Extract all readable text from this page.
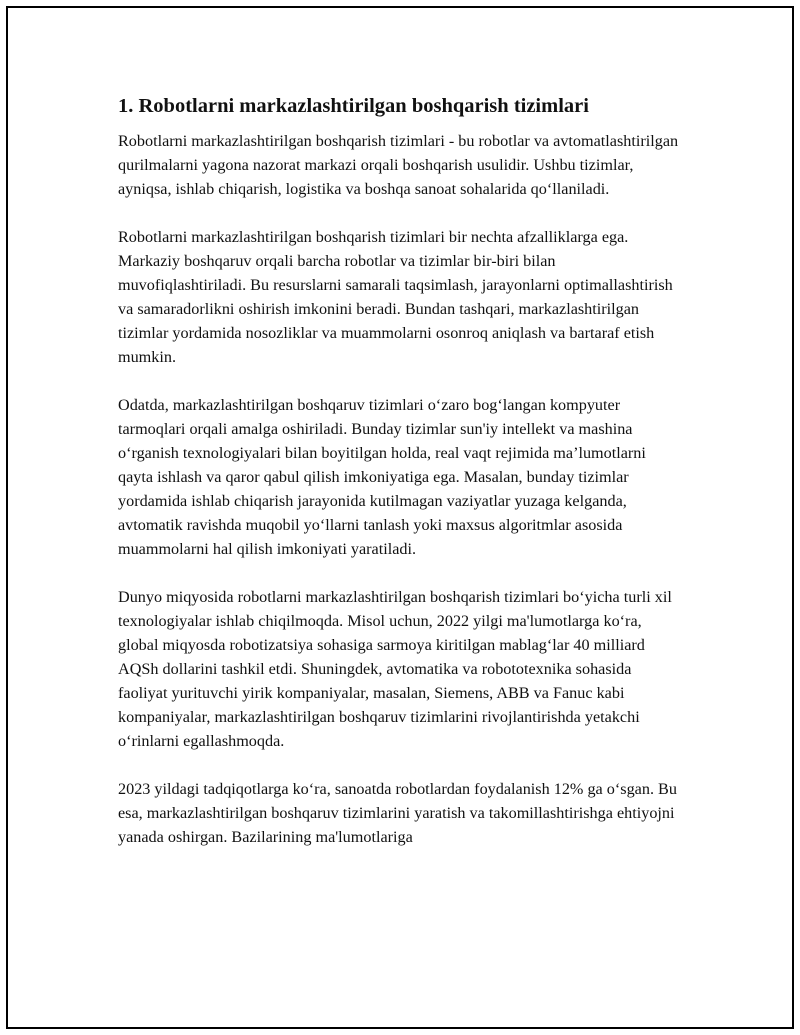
1. Robotlarni markazlashtirilgan boshqarish tizimlari

Robotlarni markazlashtirilgan boshqarish tizimlari - bu robotlar va avtomatlashtirilgan qurilmalarni yagona nazorat markazi orqali boshqarish usulidir. Ushbu tizimlar, ayniqsa, ishlab chiqarish, logistika va boshqa sanoat sohalarida qo‘llaniladi.

Robotlarni markazlashtirilgan boshqarish tizimlari bir nechta afzalliklarga ega. Markaziy boshqaruv orqali barcha robotlar va tizimlar bir-biri bilan muvofiqlashtiriladi. Bu resurslarni samarali taqsimlash, jarayonlarni optimallashtirish va samaradorlikni oshirish imkonini beradi. Bundan tashqari, markazlashtirilgan tizimlar yordamida nosozliklar va muammolarni osonroq aniqlash va bartaraf etish mumkin.

Odatda, markazlashtirilgan boshqaruv tizimlari o‘zaro bog‘langan kompyuter tarmoqlari orqali amalga oshiriladi. Bunday tizimlar sun'iy intellekt va mashina o‘rganish texnologiyalari bilan boyitilgan holda, real vaqt rejimida ma’lumotlarni qayta ishlash va qaror qabul qilish imkoniyatiga ega. Masalan, bunday tizimlar yordamida ishlab chiqarish jarayonida kutilmagan vaziyatlar yuzaga kelganda, avtomatik ravishda muqobil yo‘llarni tanlash yoki maxsus algoritmlar asosida muammolarni hal qilish imkoniyati yaratiladi.

Dunyo miqyosida robotlarni markazlashtirilgan boshqarish tizimlari bo‘yicha turli xil texnologiyalar ishlab chiqilmoqda. Misol uchun, 2022 yilgi ma'lumotlarga ko‘ra, global miqyosda robotizatsiya sohasiga sarmoya kiritilgan mablag‘lar 40 milliard AQSh dollarini tashkil etdi. Shuningdek, avtomatika va robototexnika sohasida faoliyat yurituvchi yirik kompaniyalar, masalan, Siemens, ABB va Fanuc kabi kompaniyalar, markazlashtirilgan boshqaruv tizimlarini rivojlantirishda yetakchi o‘rinlarni egallashmoqda.

2023 yildagi tadqiqotlarga ko‘ra, sanoatda robotlardan foydalanish 12% ga o‘sgan. Bu esa, markazlashtirilgan boshqaruv tizimlarini yaratish va takomillashtirishga ehtiyojni yanada oshirgan. Bazilarining ma'lumotlariga
